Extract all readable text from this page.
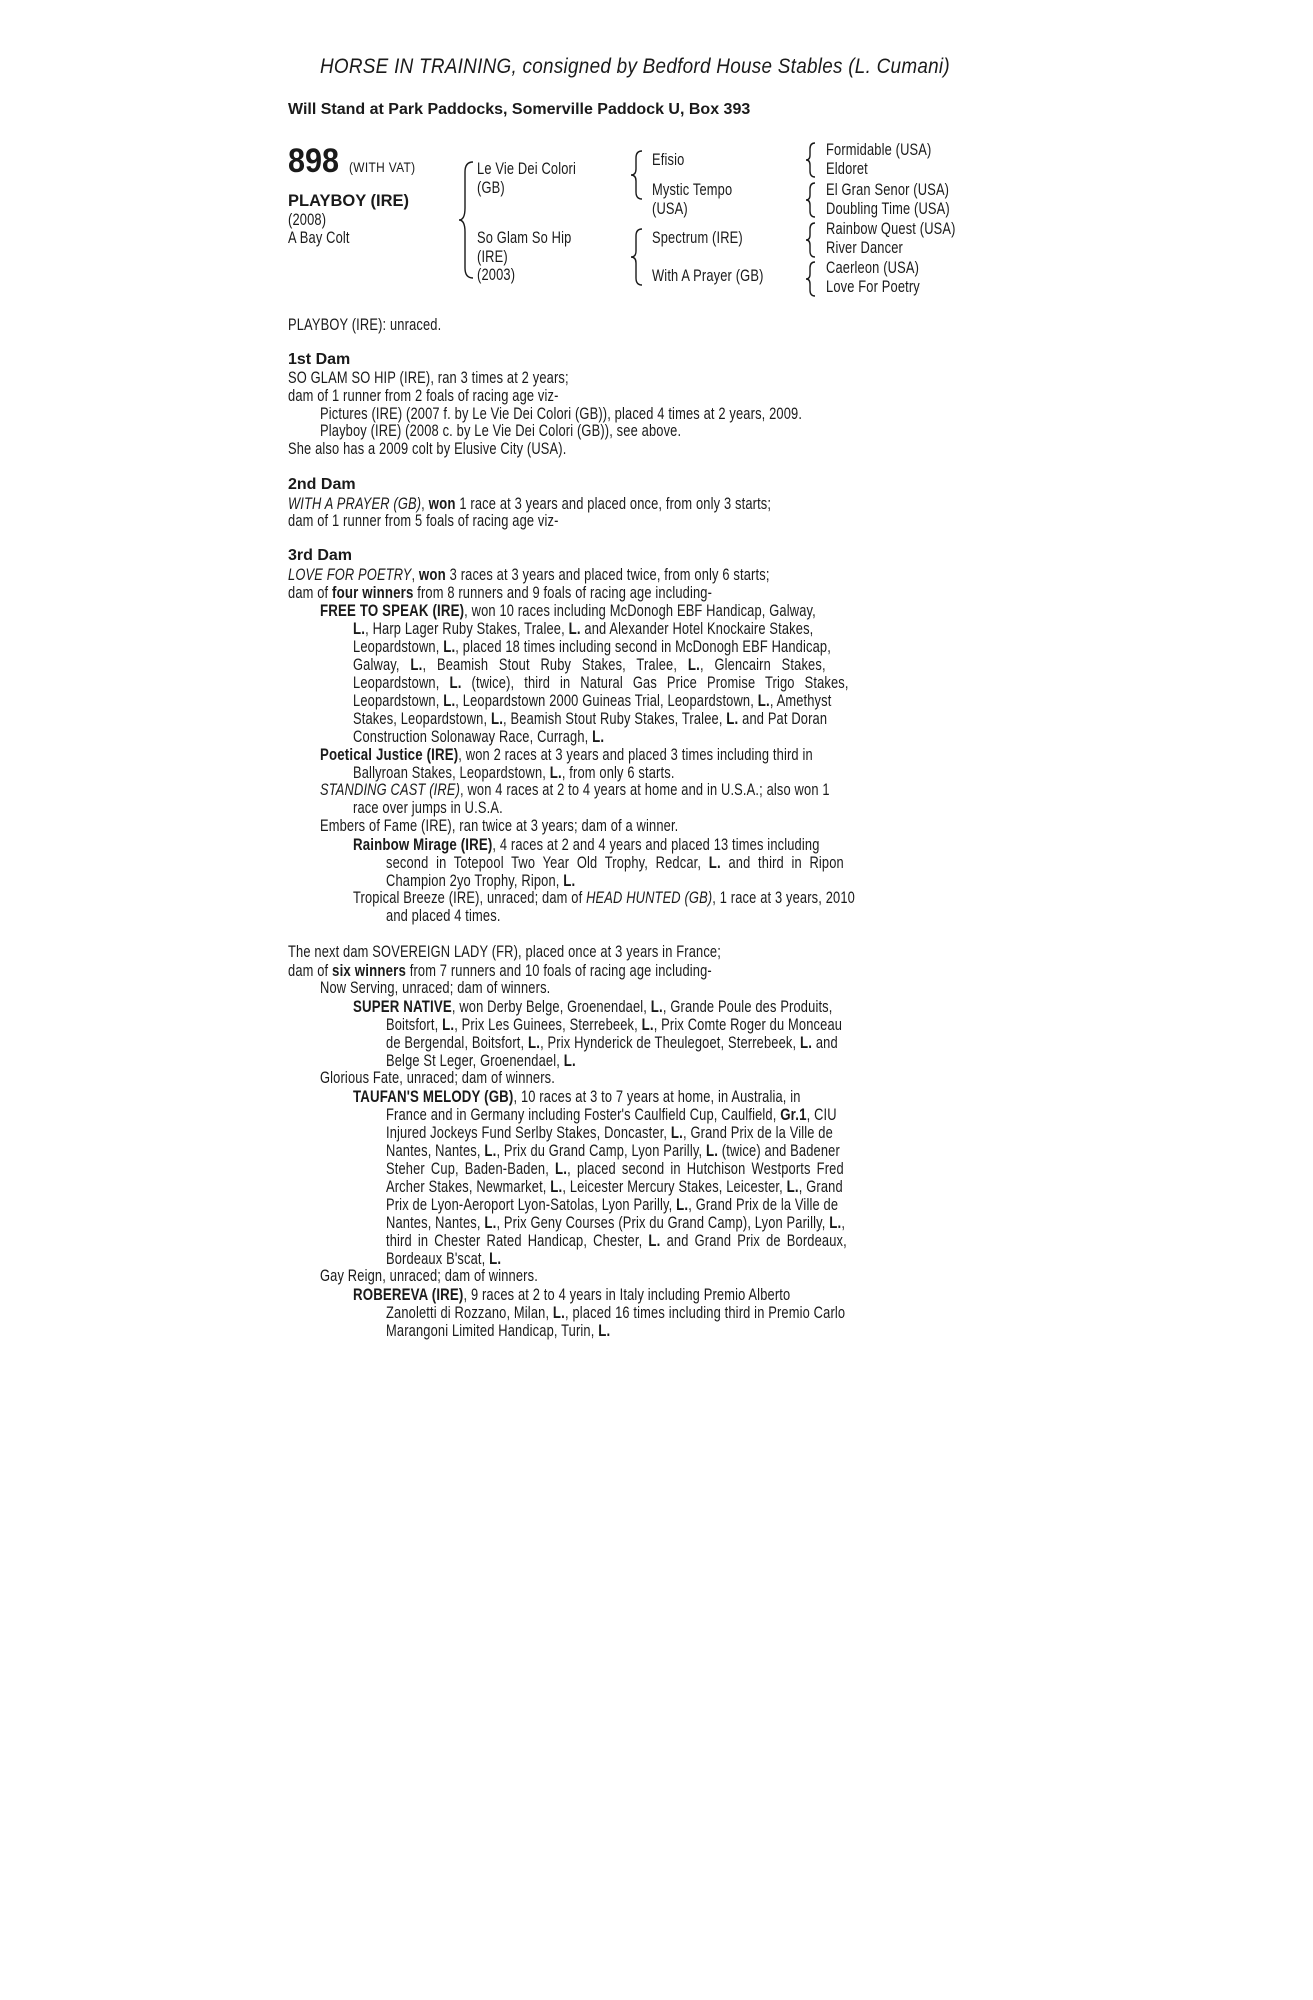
HORSE IN TRAINING, consigned by Bedford House Stables (L. Cumani)
Will Stand at Park Paddocks, Somerville Paddock U, Box 393
898 (WITH VAT)
PLAYBOY (IRE)
(2008)
A Bay Colt
Le Vie Dei Colori
(GB)
So Glam So Hip
(IRE)
(2003)
Efisio
Mystic Tempo
(USA)
Spectrum (IRE)
With A Prayer (GB)
Formidable (USA)
Eldoret
El Gran Senor (USA)
Doubling Time (USA)
Rainbow Quest (USA)
River Dancer
Caerleon (USA)
Love For Poetry
PLAYBOY (IRE): unraced.
1st Dam
SO GLAM SO HIP (IRE), ran 3 times at 2 years;
dam of 1 runner from 2 foals of racing age viz-
Pictures (IRE) (2007 f. by Le Vie Dei Colori (GB)), placed 4 times at 2 years, 2009.
Playboy (IRE) (2008 c. by Le Vie Dei Colori (GB)), see above.
She also has a 2009 colt by Elusive City (USA).
2nd Dam
WITH A PRAYER (GB), won 1 race at 3 years and placed once, from only 3 starts;
dam of 1 runner from 5 foals of racing age viz-
3rd Dam
LOVE FOR POETRY, won 3 races at 3 years and placed twice, from only 6 starts;
dam of four winners from 8 runners and 9 foals of racing age including-
FREE TO SPEAK (IRE), won 10 races including McDonogh EBF Handicap, Galway,
L., Harp Lager Ruby Stakes, Tralee, L. and Alexander Hotel Knockaire Stakes,
Leopardstown, L., placed 18 times including second in McDonogh EBF Handicap,
Galway, L., Beamish Stout Ruby Stakes, Tralee, L., Glencairn Stakes,
Leopardstown, L. (twice), third in Natural Gas Price Promise Trigo Stakes,
Leopardstown, L., Leopardstown 2000 Guineas Trial, Leopardstown, L., Amethyst
Stakes, Leopardstown, L., Beamish Stout Ruby Stakes, Tralee, L. and Pat Doran
Construction Solonaway Race, Curragh, L.
Poetical Justice (IRE), won 2 races at 3 years and placed 3 times including third in
Ballyroan Stakes, Leopardstown, L., from only 6 starts.
STANDING CAST (IRE), won 4 races at 2 to 4 years at home and in U.S.A.; also won 1
race over jumps in U.S.A.
Embers of Fame (IRE), ran twice at 3 years; dam of a winner.
Rainbow Mirage (IRE), 4 races at 2 and 4 years and placed 13 times including
second in Totepool Two Year Old Trophy, Redcar, L. and third in Ripon
Champion 2yo Trophy, Ripon, L.
Tropical Breeze (IRE), unraced; dam of HEAD HUNTED (GB), 1 race at 3 years, 2010
and placed 4 times.
The next dam SOVEREIGN LADY (FR), placed once at 3 years in France;
dam of six winners from 7 runners and 10 foals of racing age including-
Now Serving, unraced; dam of winners.
SUPER NATIVE, won Derby Belge, Groenendael, L., Grande Poule des Produits,
Boitsfort, L., Prix Les Guinees, Sterrebeek, L., Prix Comte Roger du Monceau
de Bergendal, Boitsfort, L., Prix Hynderick de Theulegoet, Sterrebeek, L. and
Belge St Leger, Groenendael, L.
Glorious Fate, unraced; dam of winners.
TAUFAN'S MELODY (GB), 10 races at 3 to 7 years at home, in Australia, in
France and in Germany including Foster's Caulfield Cup, Caulfield, Gr.1, CIU
Injured Jockeys Fund Serlby Stakes, Doncaster, L., Grand Prix de la Ville de
Nantes, Nantes, L., Prix du Grand Camp, Lyon Parilly, L. (twice) and Badener
Steher Cup, Baden-Baden, L., placed second in Hutchison Westports Fred
Archer Stakes, Newmarket, L., Leicester Mercury Stakes, Leicester, L., Grand
Prix de Lyon-Aeroport Lyon-Satolas, Lyon Parilly, L., Grand Prix de la Ville de
Nantes, Nantes, L., Prix Geny Courses (Prix du Grand Camp), Lyon Parilly, L.,
third in Chester Rated Handicap, Chester, L. and Grand Prix de Bordeaux,
Bordeaux B'scat, L.
Gay Reign, unraced; dam of winners.
ROBEREVA (IRE), 9 races at 2 to 4 years in Italy including Premio Alberto
Zanoletti di Rozzano, Milan, L., placed 16 times including third in Premio Carlo
Marangoni Limited Handicap, Turin, L.
